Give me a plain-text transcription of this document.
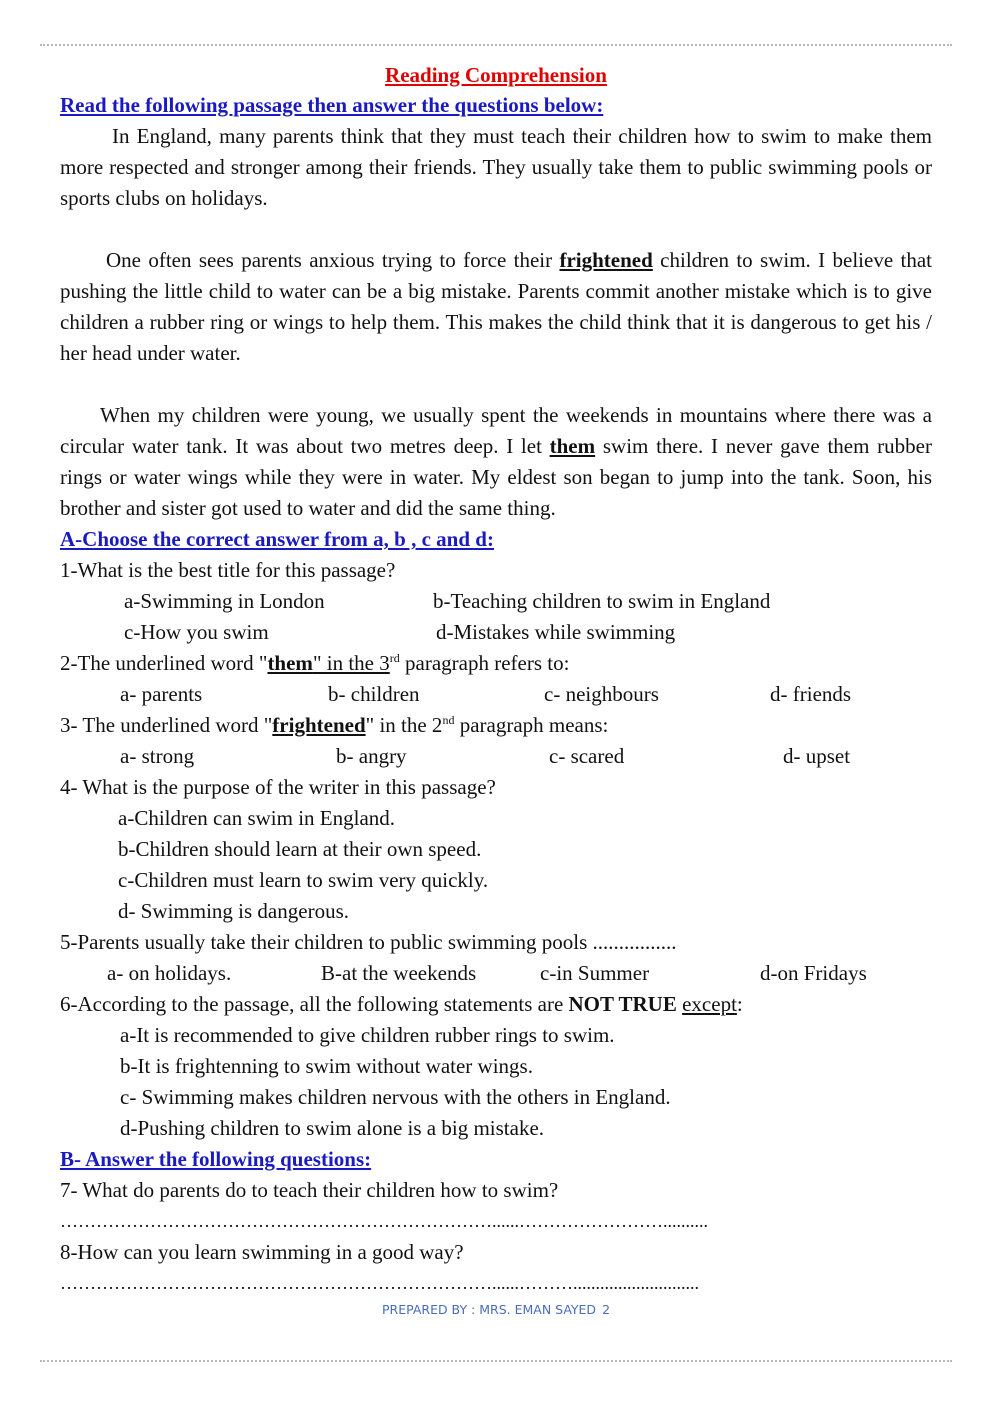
Reading Comprehension
Read the following passage then answer the questions below:

In England, many parents think that they must teach their children how to swim to make them more respected and stronger among their friends. They usually take them to public swimming pools or sports clubs on holidays.

One often sees parents anxious trying to force their frightened children to swim. I believe that pushing the little child to water can be a big mistake. Parents commit another mistake which is to give children a rubber ring or wings to help them. This makes the child think that it is dangerous to get his / her head under water.

When my children were young, we usually spent the weekends in mountains where there was a circular water tank. It was about two metres deep. I let them swim there. I never gave them rubber rings or water wings while they were in water. My eldest son began to jump into the tank. Soon, his brother and sister got used to water and did the same thing.

A-Choose the correct answer from a, b , c and d:

1-What is the best title for this passage?

a-Swimming in London	b-Teaching children to swim in England
c-How you swim	d-Mistakes while swimming

2-The underlined word "them" in the 3rd paragraph refers to:

a- parents	b- children	c- neighbours	d- friends

3- The underlined word "frightened" in the 2nd paragraph means:

a- strong	b- angry	c- scared	d- upset

4- What is the purpose of the writer in this passage?

a-Children can swim in England.
b-Children should learn at their own speed.
c-Children must learn to swim very quickly.
d- Swimming is dangerous.

5-Parents usually take their children to public swimming pools ................

a- on holidays.	B-at the weekends	c-in Summer	d-on Fridays

6-According to the passage, all the following statements are NOT TRUE except:

a-It is recommended to give children rubber rings to swim.
b-It is frightenning to swim without water wings.
c- Swimming makes children nervous with the others in England.
d-Pushing children to swim alone is a big mistake.
B- Answer the following questions:

7- What do parents do to teach their children how to swim?

………………………………………………………………......……………………..........

8-How can you learn swimming in a good way?

………………………………………………………………......………............................
PREPARED BY : MRS. EMAN SAYED 2
